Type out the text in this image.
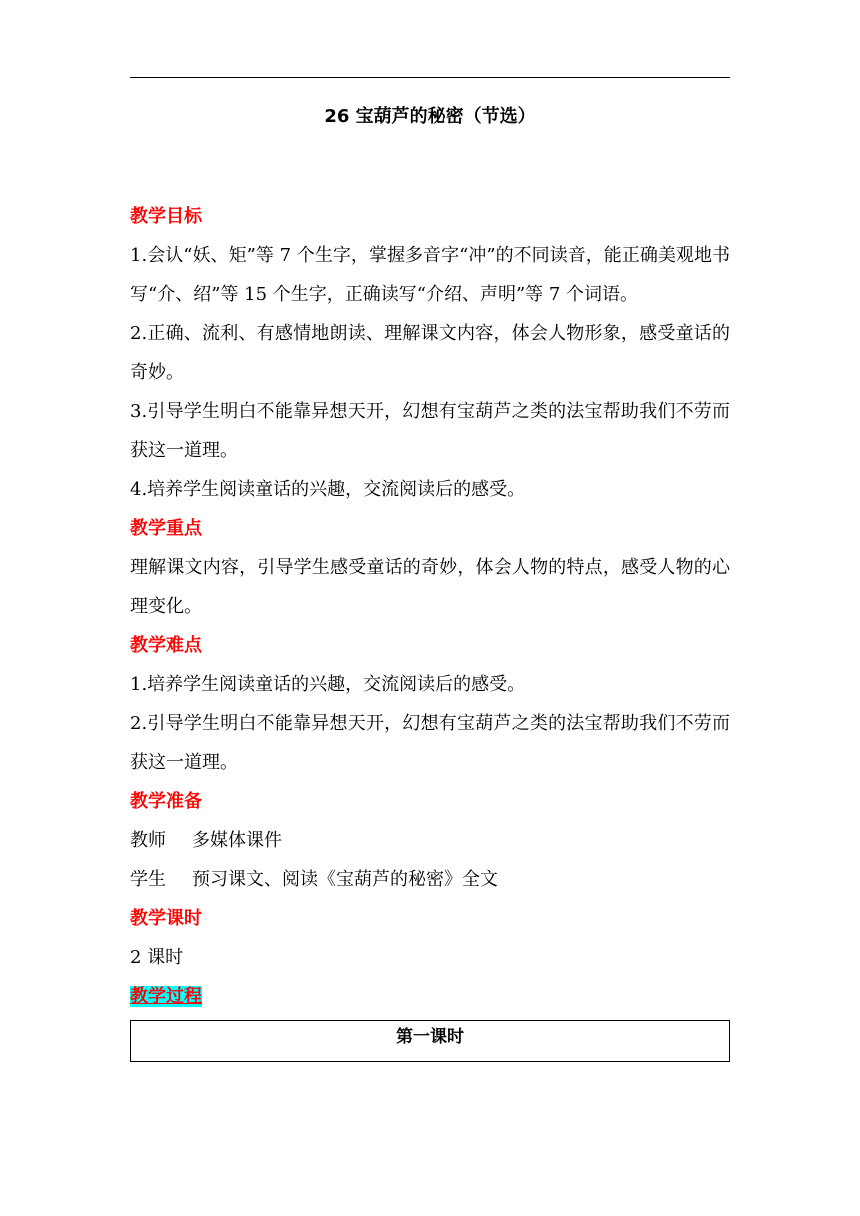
26 宝葫芦的秘密（节选）
教学目标
1.会认“妖、矩”等 7 个生字，掌握多音字“冲”的不同读音，能正确美观地书写“介、绍”等 15 个生字，正确读写“介绍、声明”等 7 个词语。
2.正确、流利、有感情地朗读、理解课文内容，体会人物形象，感受童话的奇妙。
3.引导学生明白不能靠异想天开，幻想有宝葫芦之类的法宝帮助我们不劳而获这一道理。
4.培养学生阅读童话的兴趣，交流阅读后的感受。
教学重点
理解课文内容，引导学生感受童话的奇妙，体会人物的特点，感受人物的心理变化。
教学难点
1.培养学生阅读童话的兴趣，交流阅读后的感受。
2.引导学生明白不能靠异想天开，幻想有宝葫芦之类的法宝帮助我们不劳而获这一道理。
教学准备
教师 多媒体课件
学生 预习课文、阅读《宝葫芦的秘密》全文
教学课时
2 课时
教学过程
第一课时
